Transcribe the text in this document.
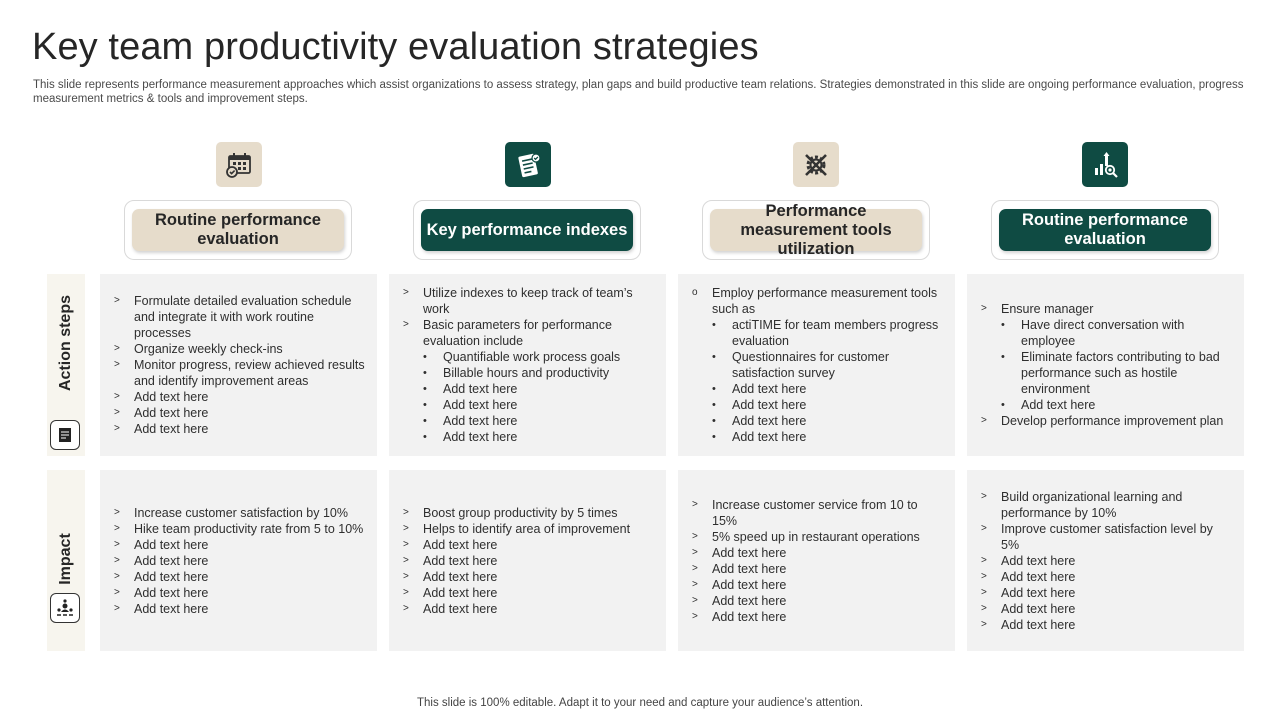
Key team productivity evaluation strategies
This slide represents performance measurement approaches which assist organizations to assess strategy, plan gaps and build productive team relations. Strategies demonstrated in this slide are ongoing performance evaluation, progress measurement metrics & tools and improvement steps.
Routine performance evaluation
Key performance indexes
Performance measurement tools utilization
Routine performance evaluation
Action steps
Impact
>	Formulate detailed evaluation schedule and integrate it with work routine processes
>	Organize weekly check-ins
>	Monitor progress, review achieved results and identify improvement areas
>	Add text here
>	Add text here
>	Add text here
>	Utilize indexes to keep track of team’s work
>	Basic parameters for performance evaluation include
•	Quantifiable work process goals
•	Billable hours and productivity
•	Add text here
•	Add text here
•	Add text here
•	Add text here
o	Employ performance measurement tools such as
•	actiTIME for team members progress evaluation
•	Questionnaires for customer satisfaction survey
•	Add text here
•	Add text here
•	Add text here
•	Add text here
>	Ensure manager
•	Have direct conversation with employee
•	Eliminate factors contributing to bad performance such as hostile environment
•	Add text here
>	Develop performance improvement plan
>	Increase customer satisfaction by 10%
>	Hike team productivity rate from 5 to 10%
>	Add text here
>	Add text here
>	Add text here
>	Add text here
>	Add text here
>	Boost group productivity by 5 times
>	Helps to identify area of improvement
>	Add text here
>	Add text here
>	Add text here
>	Add text here
>	Add text here
>	Increase customer service from 10 to 15%
>	5% speed up in restaurant operations
>	Add text here
>	Add text here
>	Add text here
>	Add text here
>	Add text here
>	Build organizational learning and performance by 10%
>	Improve customer satisfaction level by 5%
>	Add text here
>	Add text here
>	Add text here
>	Add text here
>	Add text here
This slide is 100% editable. Adapt it to your need and capture your audience’s attention.
